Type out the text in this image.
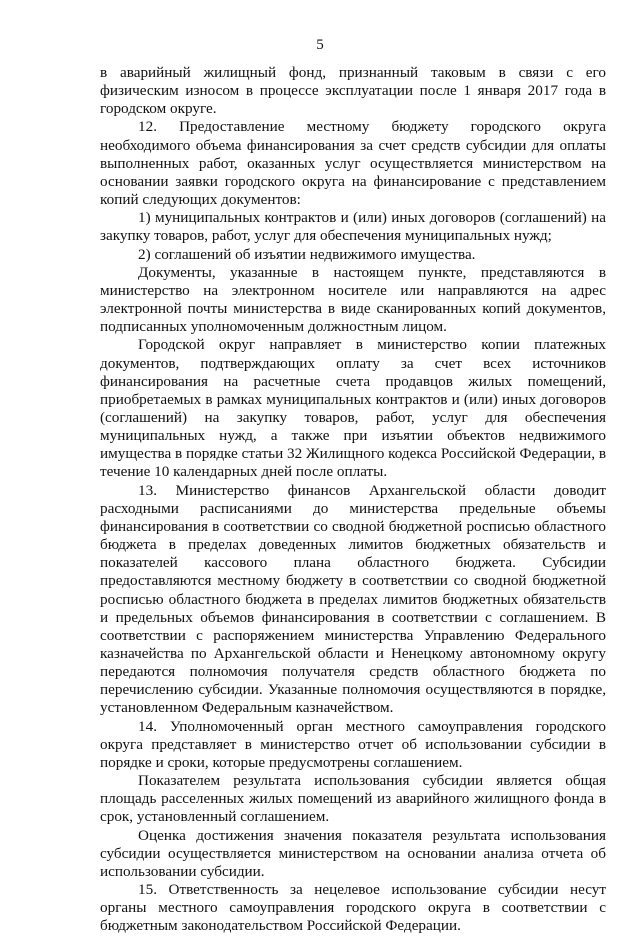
5

в аварийный жилищный фонд, признанный таковым в связи с его физическим износом в процессе эксплуатации после 1 января 2017 года в городском округе.

12. Предоставление местному бюджету городского округа необходимого объема финансирования за счет средств субсидии для оплаты выполненных работ, оказанных услуг осуществляется министерством на основании заявки городского округа на финансирование с представлением копий следующих документов:

1) муниципальных контрактов и (или) иных договоров (соглашений) на закупку товаров, работ, услуг для обеспечения муниципальных нужд;

2) соглашений об изъятии недвижимого имущества.

Документы, указанные в настоящем пункте, представляются в министерство на электронном носителе или направляются на адрес электронной почты министерства в виде сканированных копий документов, подписанных уполномоченным должностным лицом.

Городской округ направляет в министерство копии платежных документов, подтверждающих оплату за счет всех источников финансирования на расчетные счета продавцов жилых помещений, приобретаемых в рамках муниципальных контрактов и (или) иных договоров (соглашений) на закупку товаров, работ, услуг для обеспечения муниципальных нужд, а также при изъятии объектов недвижимого имущества в порядке статьи 32 Жилищного кодекса Российской Федерации, в течение 10 календарных дней после оплаты.

13. Министерство финансов Архангельской области доводит расходными расписаниями до министерства предельные объемы финансирования в соответствии со сводной бюджетной росписью областного бюджета в пределах доведенных лимитов бюджетных обязательств и показателей кассового плана областного бюджета. Субсидии предоставляются местному бюджету в соответствии со сводной бюджетной росписью областного бюджета в пределах лимитов бюджетных обязательств и предельных объемов финансирования в соответствии с соглашением. В соответствии с распоряжением министерства Управлению Федерального казначейства по Архангельской области и Ненецкому автономному округу передаются полномочия получателя средств областного бюджета по перечислению субсидии. Указанные полномочия осуществляются в порядке, установленном Федеральным казначейством.

14. Уполномоченный орган местного самоуправления городского округа представляет в министерство отчет об использовании субсидии в порядке и сроки, которые предусмотрены соглашением.

Показателем результата использования субсидии является общая площадь расселенных жилых помещений из аварийного жилищного фонда в срок, установленный соглашением.

Оценка достижения значения показателя результата использования субсидии осуществляется министерством на основании анализа отчета об использовании субсидии.

15. Ответственность за нецелевое использование субсидии несут органы местного самоуправления городского округа в соответствии с бюджетным законодательством Российской Федерации.
